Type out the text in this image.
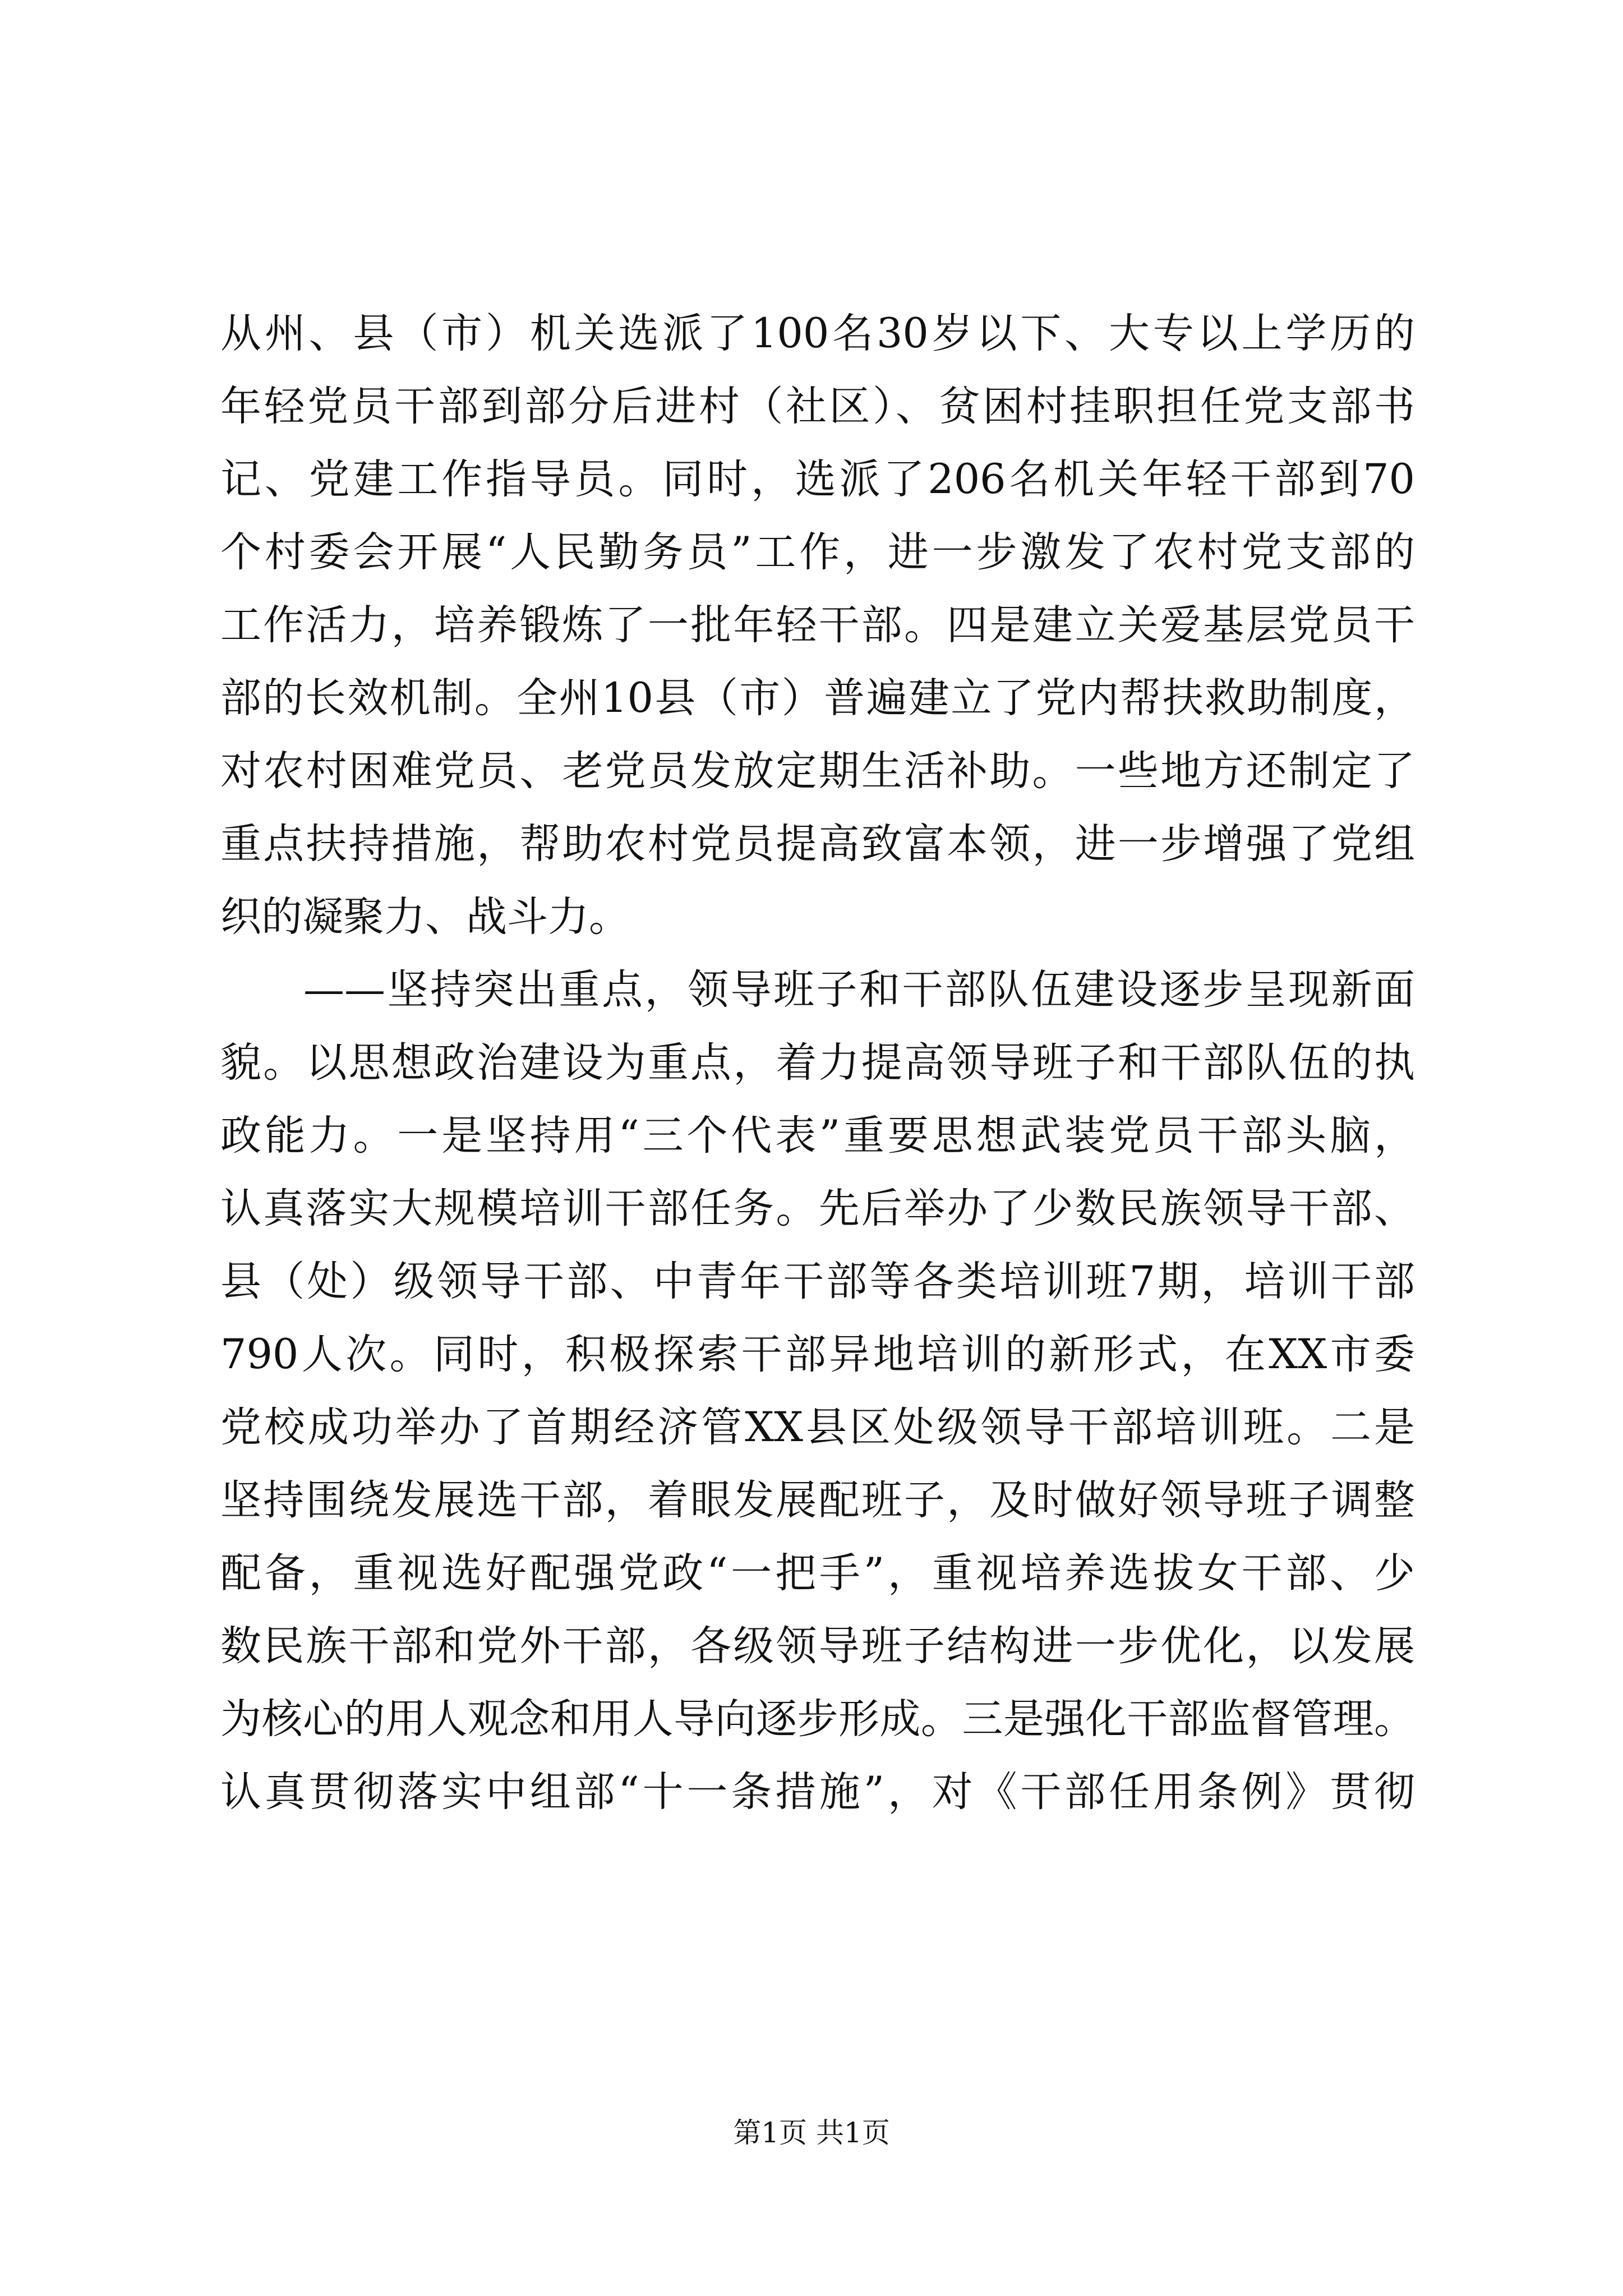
从州、县（市）机关选派了100名30岁以下、大专以上学历的
年轻党员干部到部分后进村（社区）、贫困村挂职担任党支部书
记、党建工作指导员。同时，选派了206名机关年轻干部到70
个村委会开展“人民勤务员”工作，进一步激发了农村党支部的
工作活力，培养锻炼了一批年轻干部。四是建立关爱基层党员干
部的长效机制。全州10县（市）普遍建立了党内帮扶救助制度，
对农村困难党员、老党员发放定期生活补助。一些地方还制定了
重点扶持措施，帮助农村党员提高致富本领，进一步增强了党组
织的凝聚力、战斗力。
——坚持突出重点，领导班子和干部队伍建设逐步呈现新面
貌。以思想政治建设为重点，着力提高领导班子和干部队伍的执
政能力。一是坚持用“三个代表”重要思想武装党员干部头脑，
认真落实大规模培训干部任务。先后举办了少数民族领导干部、
县（处）级领导干部、中青年干部等各类培训班7期，培训干部
790人次。同时，积极探索干部异地培训的新形式，在XX市委
党校成功举办了首期经济管XX县区处级领导干部培训班。二是
坚持围绕发展选干部，着眼发展配班子，及时做好领导班子调整
配备，重视选好配强党政“一把手”，重视培养选拔女干部、少
数民族干部和党外干部，各级领导班子结构进一步优化，以发展
为核心的用人观念和用人导向逐步形成。三是强化干部监督管理。
认真贯彻落实中组部“十一条措施”，对《干部任用条例》贯彻
第1页 共1页
